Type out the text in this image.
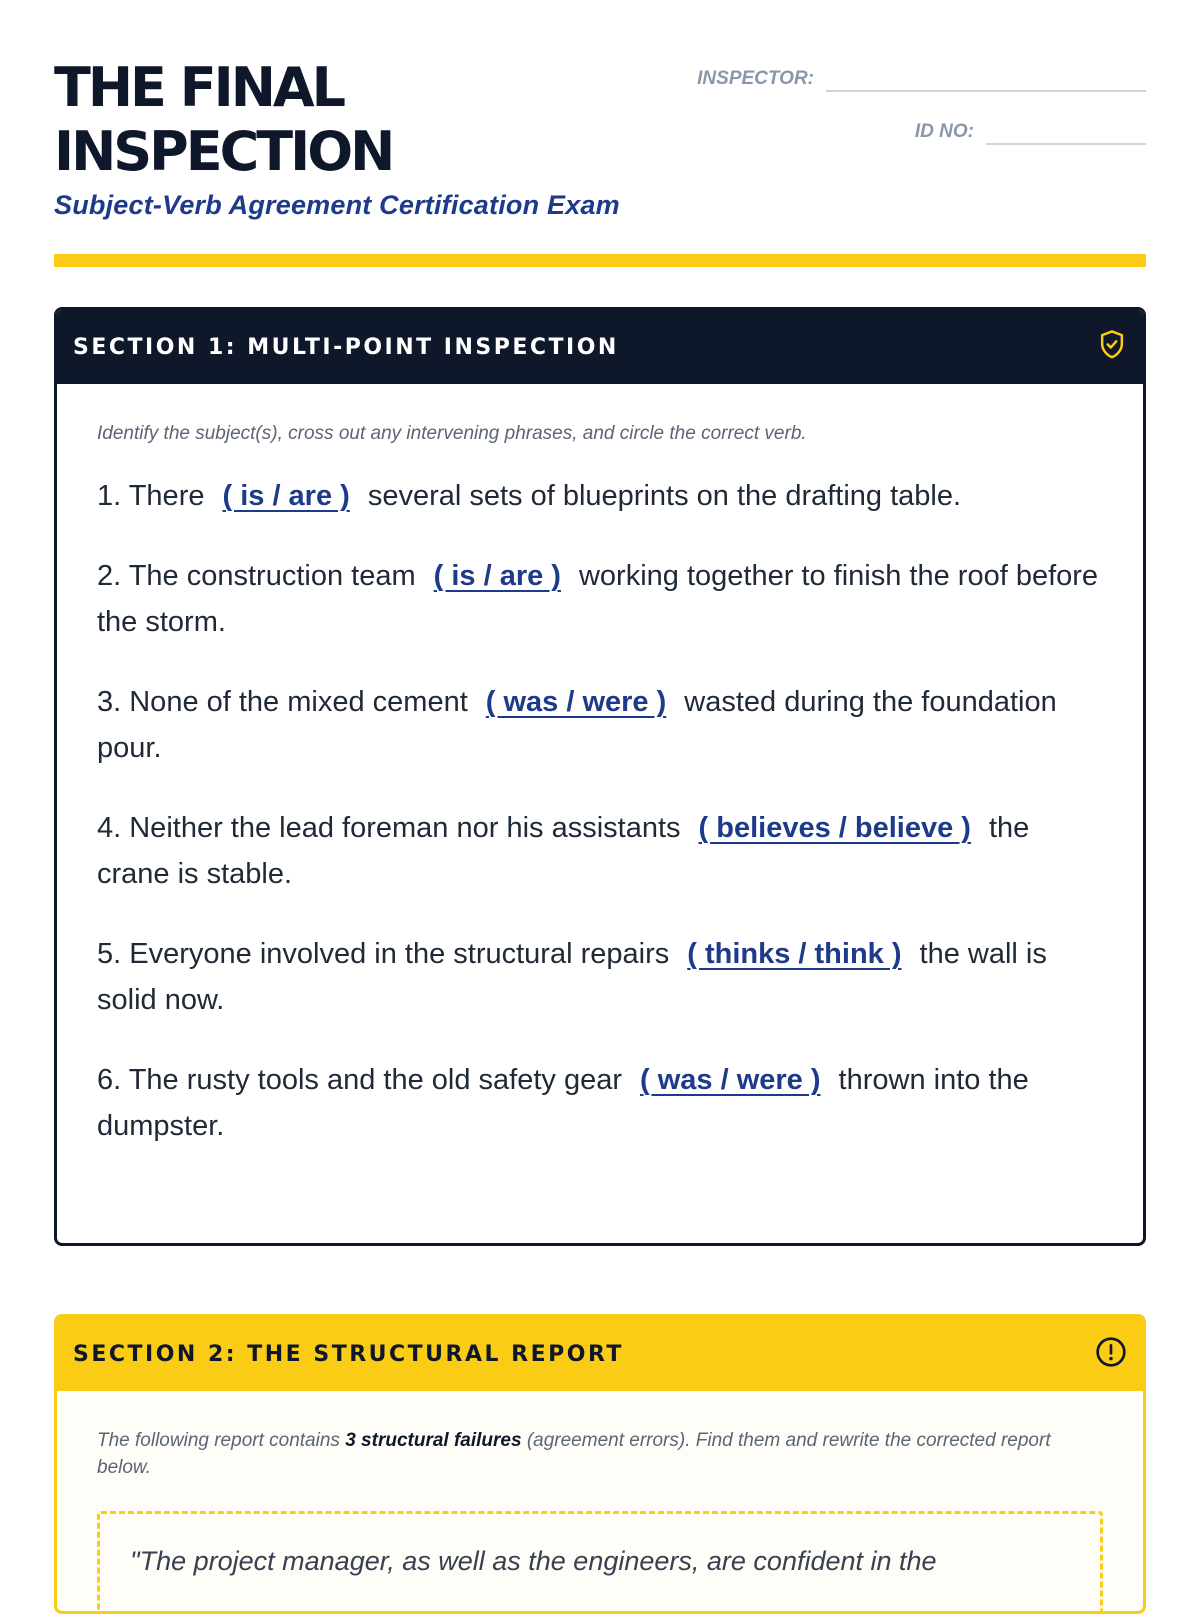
THE FINAL
INSPECTION
Subject-Verb Agreement Certification Exam
INSPECTOR:
ID NO:
SECTION 1: MULTI-POINT INSPECTION

Identify the subject(s), cross out any intervening phrases, and circle the correct verb.

1. There ( is / are ) several sets of blueprints on the drafting table.

2. The construction team ( is / are ) working together to finish the roof before the storm.

3. None of the mixed cement ( was / were ) wasted during the foundation pour.

4. Neither the lead foreman nor his assistants ( believes / believe ) the crane is stable.

5. Everyone involved in the structural repairs ( thinks / think ) the wall is solid now.

6. The rusty tools and the old safety gear ( was / were ) thrown into the dumpster.

SECTION 2: THE STRUCTURAL REPORT

The following report contains 3 structural failures (agreement errors). Find them and rewrite the corrected report below.

"The project manager, as well as the engineers, are confident in the
